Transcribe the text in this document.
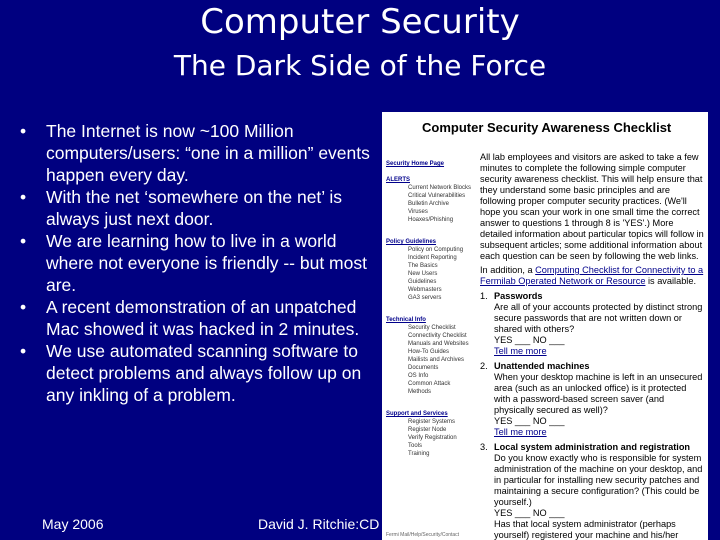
Computer Security
The Dark Side of the Force
• The Internet is now ~100 Million computers/users: “one in a million” events happen every day.
• With the net ‘somewhere on the net’ is always just next door.
• We are learning how to live in a world where not everyone is friendly -- but most are.
• A recent demonstration of an unpatched Mac showed it was hacked in 2 minutes.
• We use automated scanning software to detect problems and always follow up on any inkling of a problem.
Computer Security Awareness Checklist
Security Home Page
ALERTS
Current Network Blocks
Critical Vulnerabilities
Bulletin Archive
Viruses
Hoaxes/Phishing
Policy Guidelines
Policy on Computing
Incident Reporting
The Basics
New Users
Guidelines
Webmasters
GA3 servers
Technical Info
Security Checklist
Connectivity Checklist
Manuals and Websites
How-To Guides
Mailists and Archives
Documents
OS Info
Common Attack Methods
Support and Services
Register Systems
Register Node
Verify Registration
Tools
Training
All lab employees and visitors are asked to take a few minutes to complete the following simple computer security awareness checklist. This will help ensure that they understand some basic principles and are following proper computer security practices. (We'll hope you scan your work in one small time the correct answer to questions 1 through 8 is 'YES'.) More detailed information about particular topics will follow in subsequent articles; some additional information about each question can be seen by following the web links.
In addition, a Computing Checklist for Connectivity to a Fermilab Operated Network or Resource is available.
1. Passwords
Are all of your accounts protected by distinct strong secure passwords that are not written down or shared with others?
YES ___ NO ___
Tell me more
2. Unattended machines
When your desktop machine is left in an unsecured area (such as an unlocked office) is it protected with a password-based screen saver (and physically secured as well)?
YES ___ NO ___
Tell me more
3. Local system administration and registration
Do you know exactly who is responsible for system administration of the machine on your desktop, and in particular for installing new security patches and maintaining a secure configuration? (This could be yourself.)
YES ___ NO ___
Has that local system administrator (perhaps yourself) registered your machine and his/her
Fermi Mail/Help/Security/Contact
May 2006	David J. Ritchie:CD
